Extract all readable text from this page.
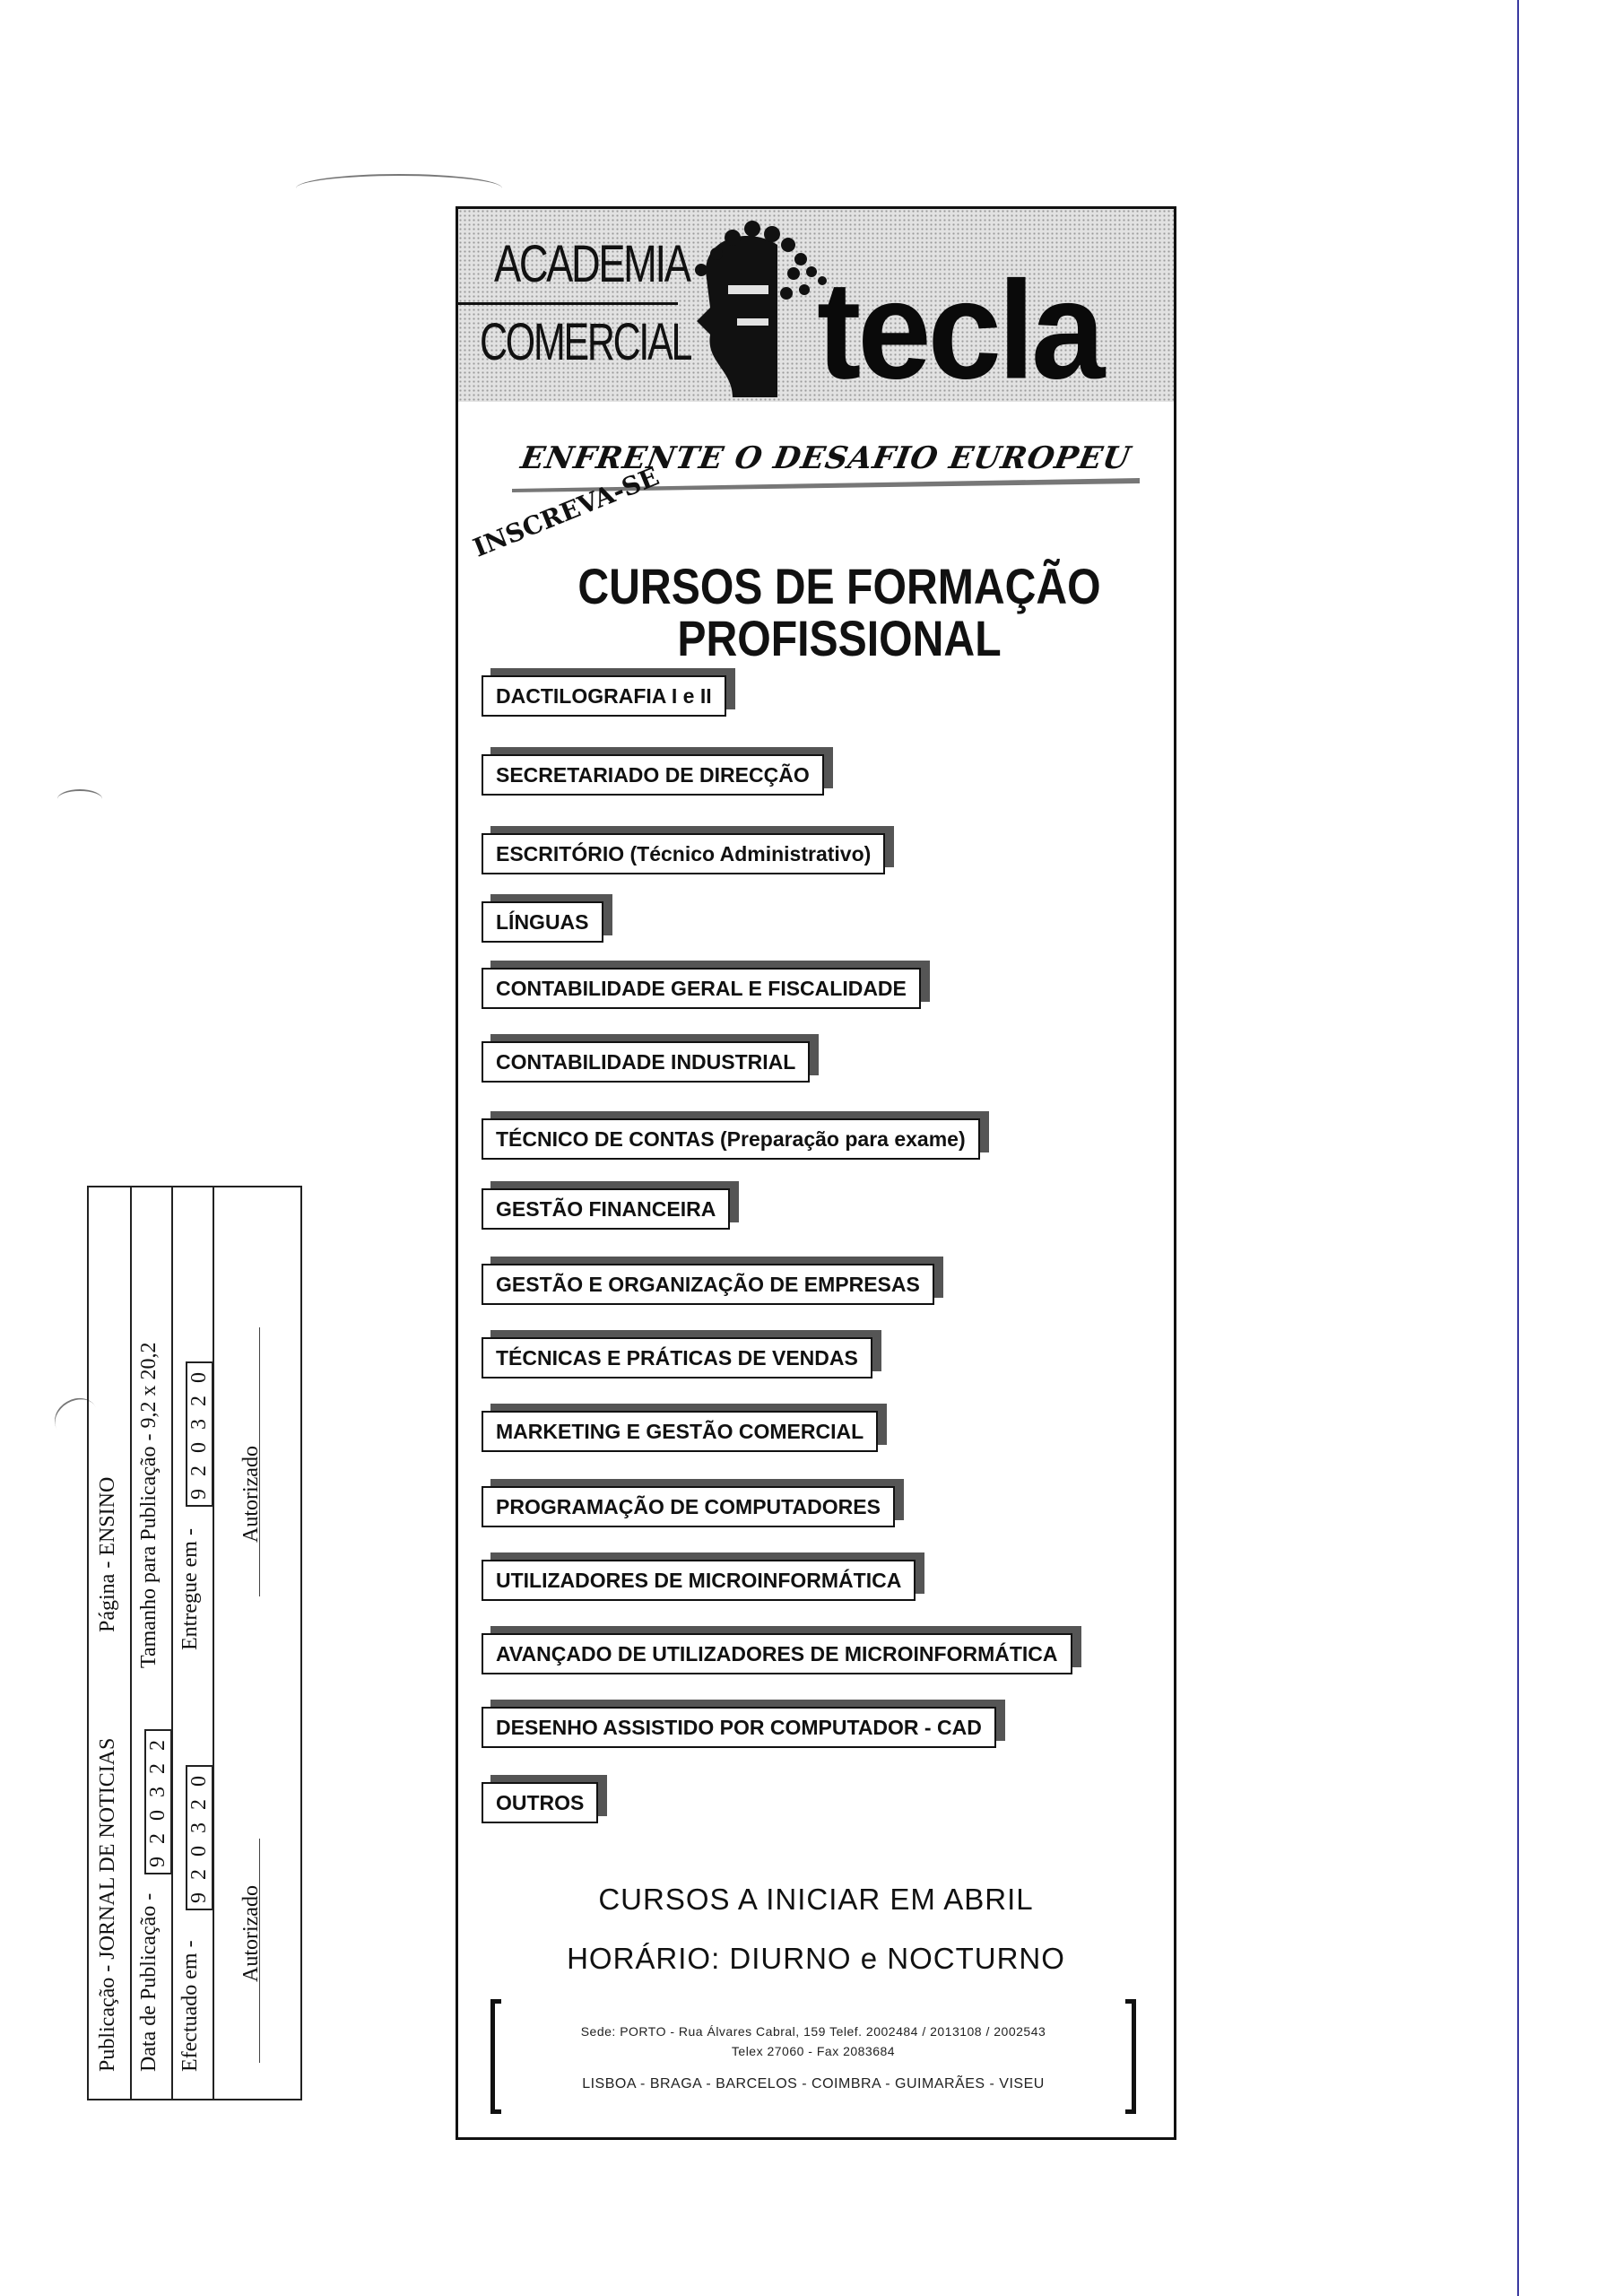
Publicação - JORNAL DE NOTICIAS
Página - ENSINO
Data de Publicação -
9 2 0 3 2 2
Tamanho para Publicação - 9,2 x 20,2
Efectuado em -
9 2 0 3 2 0
Entregue em -
9 2 0 3 2 0
Autorizado
Autorizado
ACADEMIA
COMERCIAL tecla
ENFRENTE O DESAFIO EUROPEU
INSCREVA-SE
CURSOS DE FORMAÇÃO
PROFISSIONAL
DACTILOGRAFIA I e II
SECRETARIADO DE DIRECÇÃO
ESCRITÓRIO (Técnico Administrativo)
LÍNGUAS
CONTABILIDADE GERAL E FISCALIDADE
CONTABILIDADE INDUSTRIAL
TÉCNICO DE CONTAS (Preparação para exame)
GESTÃO FINANCEIRA
GESTÃO E ORGANIZAÇÃO DE EMPRESAS
TÉCNICAS E PRÁTICAS DE VENDAS
MARKETING E GESTÃO COMERCIAL
PROGRAMAÇÃO DE COMPUTADORES
UTILIZADORES DE MICROINFORMÁTICA
AVANÇADO DE UTILIZADORES DE MICROINFORMÁTICA
DESENHO ASSISTIDO POR COMPUTADOR - CAD
OUTROS
CURSOS A INICIAR EM ABRIL
HORÁRIO: DIURNO e NOCTURNO
Sede: PORTO - Rua Álvares Cabral, 159 Telef. 2002484 / 2013108 / 2002543
Telex 27060 - Fax 2083684
LISBOA - BRAGA - BARCELOS - COIMBRA - GUIMARÃES - VISEU
